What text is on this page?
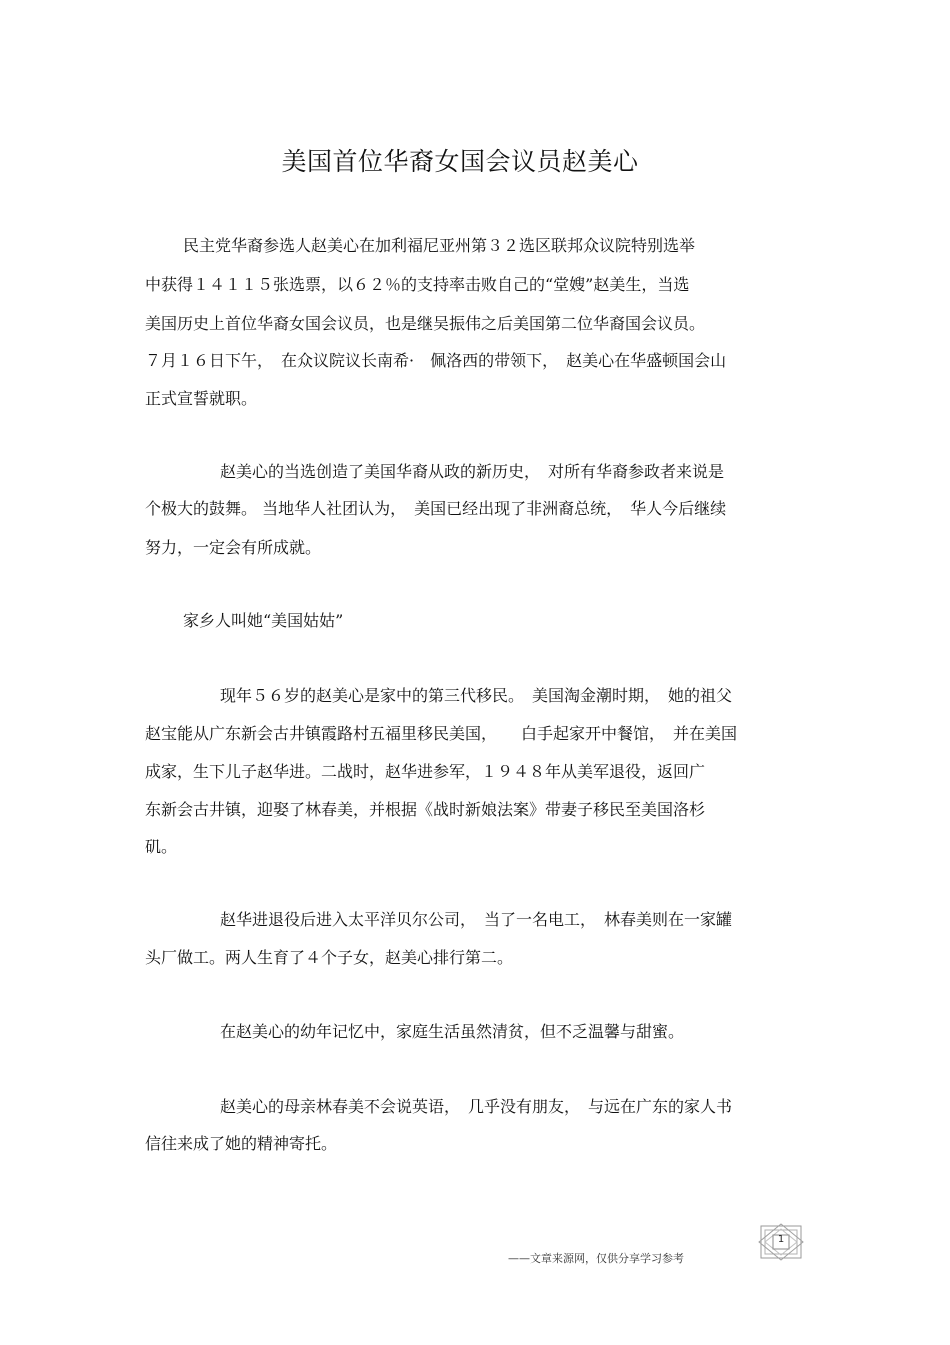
美国首位华裔女国会议员赵美心

民主党华裔参选人赵美心在加利福尼亚州第３２选区联邦众议院特别选举

中获得１４１１５张选票，以６２％的支持率击败自己的“堂嫂”赵美生，当选

美国历史上首位华裔女国会议员，也是继吴振伟之后美国第二位华裔国会议员。

７月１６日下午，　在众议院议长南希·　佩洛西的带领下，　赵美心在华盛顿国会山

正式宣誓就职。

赵美心的当选创造了美国华裔从政的新历史，　对所有华裔参政者来说是

个极大的鼓舞。 当地华人社团认为，　美国已经出现了非洲裔总统，　华人今后继续

努力，一定会有所成就。

家乡人叫她“美国姑姑”

现年５６岁的赵美心是家中的第三代移民。　美国淘金潮时期，　她的祖父

赵宝能从广东新会古井镇霞路村五福里移民美国，　　白手起家开中餐馆，　并在美国

成家，生下儿子赵华进。二战时，赵华进参军，１９４８年从美军退役，返回广

东新会古井镇，迎娶了林春美，并根据《战时新娘法案》带妻子移民至美国洛杉

矶。

赵华进退役后进入太平洋贝尔公司，　当了一名电工，　林春美则在一家罐

头厂做工。两人生育了４个子女，赵美心排行第二。

在赵美心的幼年记忆中，家庭生活虽然清贫，但不乏温馨与甜蜜。

赵美心的母亲林春美不会说英语，　几乎没有朋友，　与远在广东的家人书

信往来成了她的精神寄托。

——文章来源网，仅供分享学习参考
1
